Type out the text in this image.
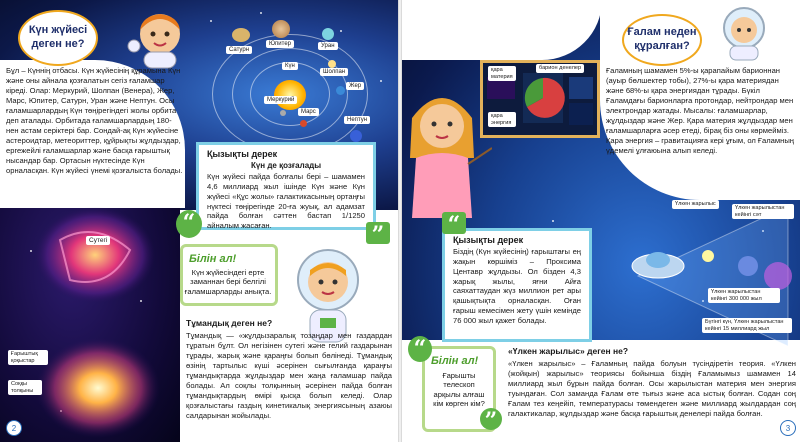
Күн жүйесі деген не?
Бұл – Күннің отбасы. Күн жүйесінің құрамына Күн және оны айнала қозғалатын сегіз ғаламшар кіреді. Олар: Меркурий, Шолпан (Венера), Жер, Марс, Юпитер, Сатурн, Уран және Нептун. Осы ғаламшарлардың Күн төңірегіндегі жолы орбита деп аталады. Орбитада ғаламшарлардың 180-нен астам серіктері бар. Сондай-ақ Күн жүйесіне астероидтар, метеориттер, құйрықты жұлдыздар, ергежейлі ғаламшарлар және басқа ғарыштық нысандар бар. Ортасын нүктесінде Күн орналасқан. Күн жүйесі үнемі қозғалыста болады.
Сатурн
Юпитер	Уран
Күн
Шолпан
Жер
Меркурий
Марс
Нептун
Қызықты дерек
Күн де қозғалады
Күн жүйесі пайда болғалы бері – шамамен 4,6 миллиард жыл ішінде Күн және Күн жүйесі «Құс жолы» галактикасының ортаңғы нүктесі төңірегінде 20-ға жуық, ал адамзат пайда болған сәттен бастап 1/1250 айналым жасаған.	”
Сутегі
Ғарыштық қоқыстар
Соққы толқыны
Білін ал!
Күн жүйесіндегі ерте заманнан бері белгілі ғаламшарларды анықта.
“
Тұмандық деген не?
Тұмандық — «жұлдызаралық тозаңдар мен газдардан тұратын бұлт. Ол негізінен сутегі және гелий газдарынан тұрады, жарық және қараңғы болып бөлінеді. Тұмандық өзінің тартылыс күші әсерінен сығылғанда қараңғы тұмандықтарда жұлдыздар мен жаңа ғаламшар пайда болады. Ал соқлы толқынның әсерінен пайда болған тұмандықтардың өмірі қысқа болып келеді. Олар қозғалыстағы газдың кинетикалық энергиясының азаюы салдарынан жойылады.
2
Ғалам неден құралған?
Ғаламның шамамен 5%-ы қарапайым барионнан (ауыр бөлшектер тобы), 27%-ы қара материядан және 68%-ы қара энергиядан тұрады. Бүкіл Ғаламдағы барионларға протондар, нейтрондар мен электрондар жатады. Мысалы: ғаламшарлар, жұлдыздар және Жер. Қара материя жұлдыздар мен ғаламшарларға әсер етеді, бірақ біз оны көрмейміз. Қара энергия – гравитацияға кері ұғым, ол Ғаламның үдемелі ұлғаюына алып келеді.
қара материя
барион денелер
қара энергия
Қызықты дерек
Біздің (Күн жүйесінің) ғарыштағы ең жақын көршіміз – Проксима Центавр жұлдызы. Ол бізден 4,3 жарық жылы, яғни Айға саяхаттаудан жүз миллион рет ары қашықтықта орналасқан. Оған ғарыш кемесімен жету үшін кемінде 76 000 жыл қажет болады.
“
Үлкен жарылыс
Үлкен жарылыстан кейінгі сәт
Үлкен жарылыстан кейінгі 300 000 жыл
Бүгінгі күн, Үлкен жарылыстан кейінгі 15 миллиард жыл
Білін ал!
Ғарышты телескоп арқылы алғаш кім көрген кім?
“
”
«Үлкен жарылыс» деген не?
«Үлкен жарылыс» – Ғаламның пайда болуын түсіндіретін теория. «Үлкен (жойқын) жарылыс» теориясы бойынша біздің Ғаламымыз шамамен 14 миллиард жыл бұрын пайда болған. Осы жарылыстан материя мен энергия туындаған. Сол заманда Ғалам өте тығыз және аса ыстық болған. Содан соң Ғалам тез кеңейіп, температурасы төмендеген және миллиард жылдардан соң галактикалар, жұлдыздар және басқа ғарыштық денелері пайда болған.
3
